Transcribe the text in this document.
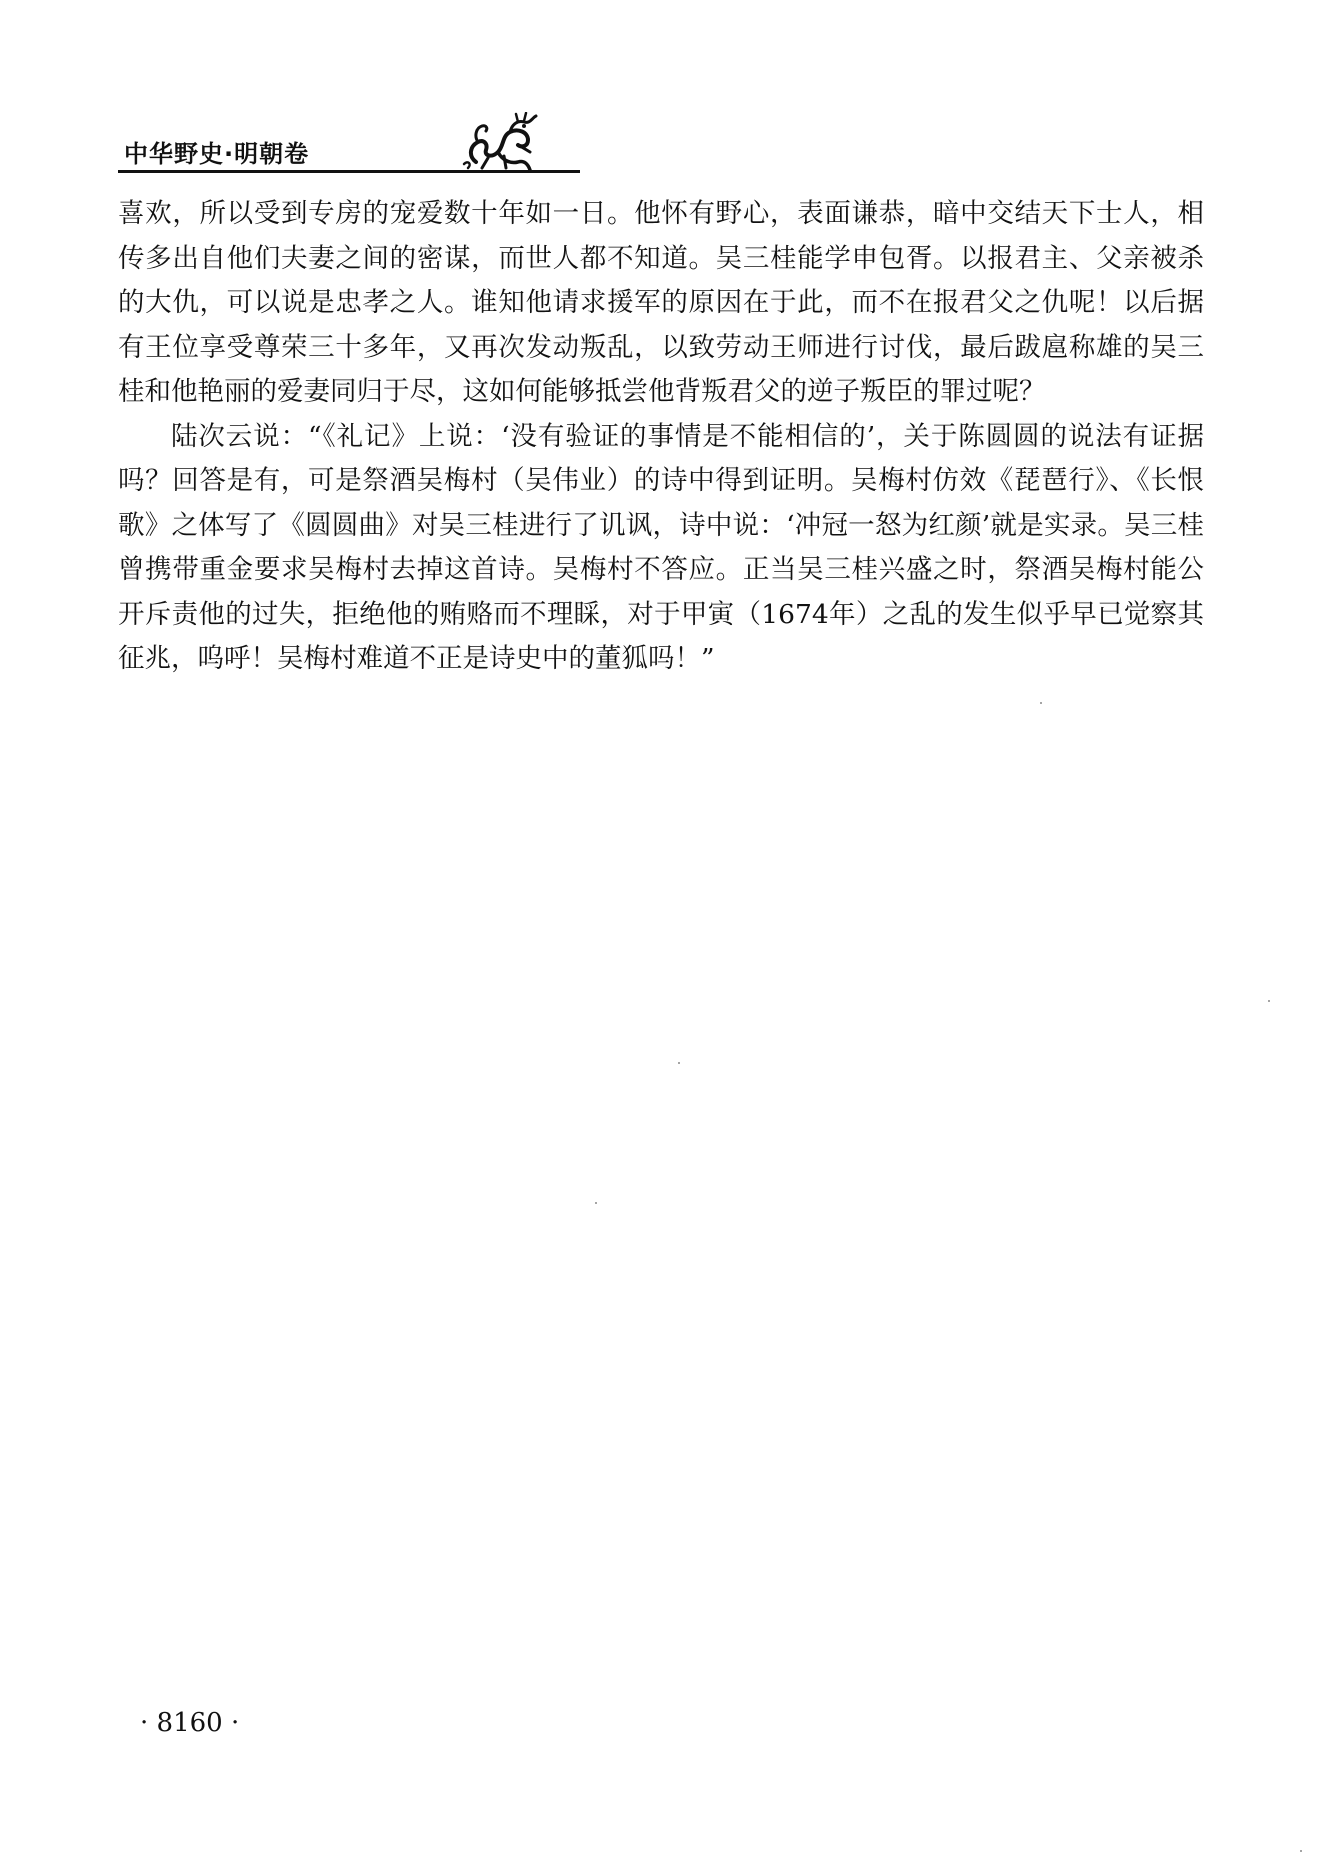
中华野史·明朝卷

喜欢，所以受到专房的宠爱数十年如一日。他怀有野心，表面谦恭，暗中交结天下士人，相传多出自他们夫妻之间的密谋，而世人都不知道。吴三桂能学申包胥。以报君主、父亲被杀的大仇，可以说是忠孝之人。谁知他请求援军的原因在于此，而不在报君父之仇呢！以后据有王位享受尊荣三十多年，又再次发动叛乱，以致劳动王师进行讨伐，最后跋扈称雄的吴三桂和他艳丽的爱妻同归于尽，这如何能够抵尝他背叛君父的逆子叛臣的罪过呢？

陆次云说：“《礼记》上说：‘没有验证的事情是不能相信的’，关于陈圆圆的说法有证据吗？回答是有，可是祭酒吴梅村（吴伟业）的诗中得到证明。吴梅村仿效《琵琶行》、《长恨歌》之体写了《圆圆曲》对吴三桂进行了讥讽，诗中说：‘冲冠一怒为红颜’就是实录。吴三桂曾携带重金要求吴梅村去掉这首诗。吴梅村不答应。正当吴三桂兴盛之时，祭酒吴梅村能公开斥责他的过失，拒绝他的贿赂而不理睬，对于甲寅（1674年）之乱的发生似乎早已觉察其征兆，呜呼！吴梅村难道不正是诗史中的董狐吗！”

· 8160 ·
